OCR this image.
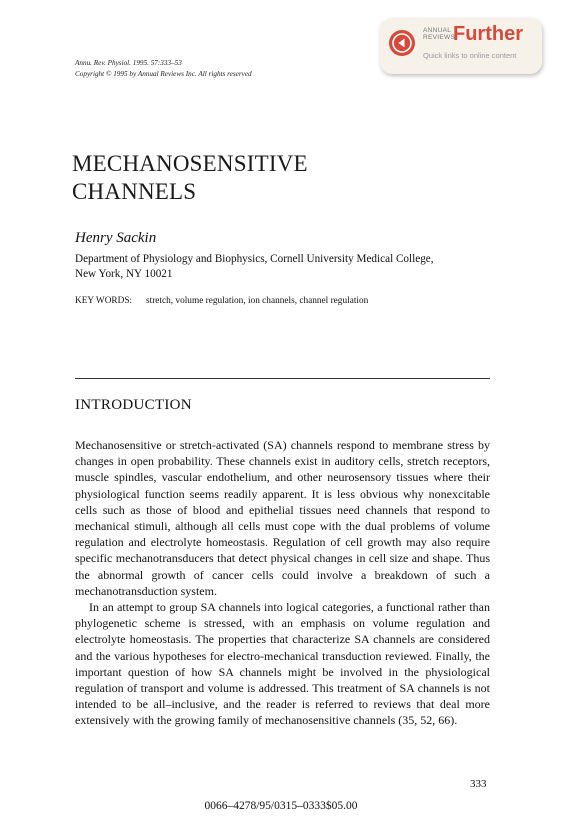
Annu. Rev. Physiol. 1995. 57:333–53
Copyright © 1995 by Annual Reviews Inc. All rights reserved
ANNUAL
REVIEWS
Further
Quick links to online content
MECHANOSENSITIVE
CHANNELS
Henry Sackin
Department of Physiology and Biophysics, Cornell University Medical College,
New York, NY 10021
KEY WORDS: stretch, volume regulation, ion channels, channel regulation
INTRODUCTION

Mechanosensitive or stretch-activated (SA) channels respond to membrane stress by changes in open probability. These channels exist in auditory cells, stretch receptors, muscle spindles, vascular endothelium, and other neurosensory tissues where their physiological function seems readily apparent. It is less obvious why nonexcitable cells such as those of blood and epithelial tissues need channels that respond to mechanical stimuli, although all cells must cope with the dual problems of volume regulation and electrolyte homeostasis. Regulation of cell growth may also require specific mechanotransducers that detect physical changes in cell size and shape. Thus the abnormal growth of cancer cells could involve a breakdown of such a mechanotransduction system.

In an attempt to group SA channels into logical categories, a functional rather than phylogenetic scheme is stressed, with an emphasis on volume regulation and electrolyte homeostasis. The properties that characterize SA channels are considered and the various hypotheses for electro-mechanical transduction reviewed. Finally, the important question of how SA channels might be involved in the physiological regulation of transport and volume is addressed. This treatment of SA channels is not intended to be all–inclusive, and the reader is referred to reviews that deal more extensively with the growing family of mechanosensitive channels (35, 52, 66).

333
0066–4278/95/0315–0333$05.00
